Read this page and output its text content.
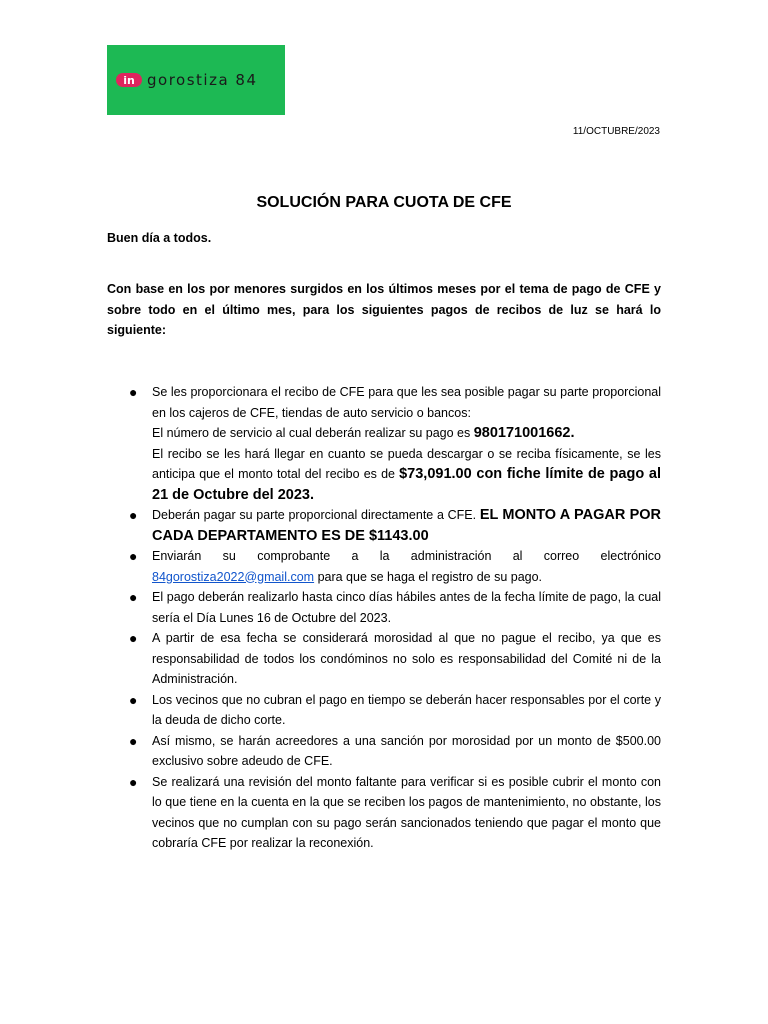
in gorostiza 84
11/OCTUBRE/2023
SOLUCIÓN PARA CUOTA DE CFE
Buen día a todos.
Con base en los por menores surgidos en los últimos meses por el tema de pago de CFE y sobre todo en el último mes, para los siguientes pagos de recibos de luz se hará lo siguiente:
● Se les proporcionara el recibo de CFE para que les sea posible pagar su parte proporcional en los cajeros de CFE, tiendas de auto servicio o bancos:
El número de servicio al cual deberán realizar su pago es 980171001662.
El recibo se les hará llegar en cuanto se pueda descargar o se reciba físicamente, se les anticipa que el monto total del recibo es de $73,091.00 con fiche límite de pago al 21 de Octubre del 2023.
● Deberán pagar su parte proporcional directamente a CFE. EL MONTO A PAGAR POR CADA DEPARTAMENTO ES DE $1143.00
● Enviarán su comprobante a la administración al correo electrónico 84gorostiza2022@gmail.com para que se haga el registro de su pago.
● El pago deberán realizarlo hasta cinco días hábiles antes de la fecha límite de pago, la cual sería el Día Lunes 16 de Octubre del 2023.
● A partir de esa fecha se considerará morosidad al que no pague el recibo, ya que es responsabilidad de todos los condóminos no solo es responsabilidad del Comité ni de la Administración.
● Los vecinos que no cubran el pago en tiempo se deberán hacer responsables por el corte y la deuda de dicho corte.
● Así mismo, se harán acreedores a una sanción por morosidad por un monto de $500.00 exclusivo sobre adeudo de CFE.
● Se realizará una revisión del monto faltante para verificar si es posible cubrir el monto con lo que tiene en la cuenta en la que se reciben los pagos de mantenimiento, no obstante, los vecinos que no cumplan con su pago serán sancionados teniendo que pagar el monto que cobraría CFE por realizar la reconexión.
